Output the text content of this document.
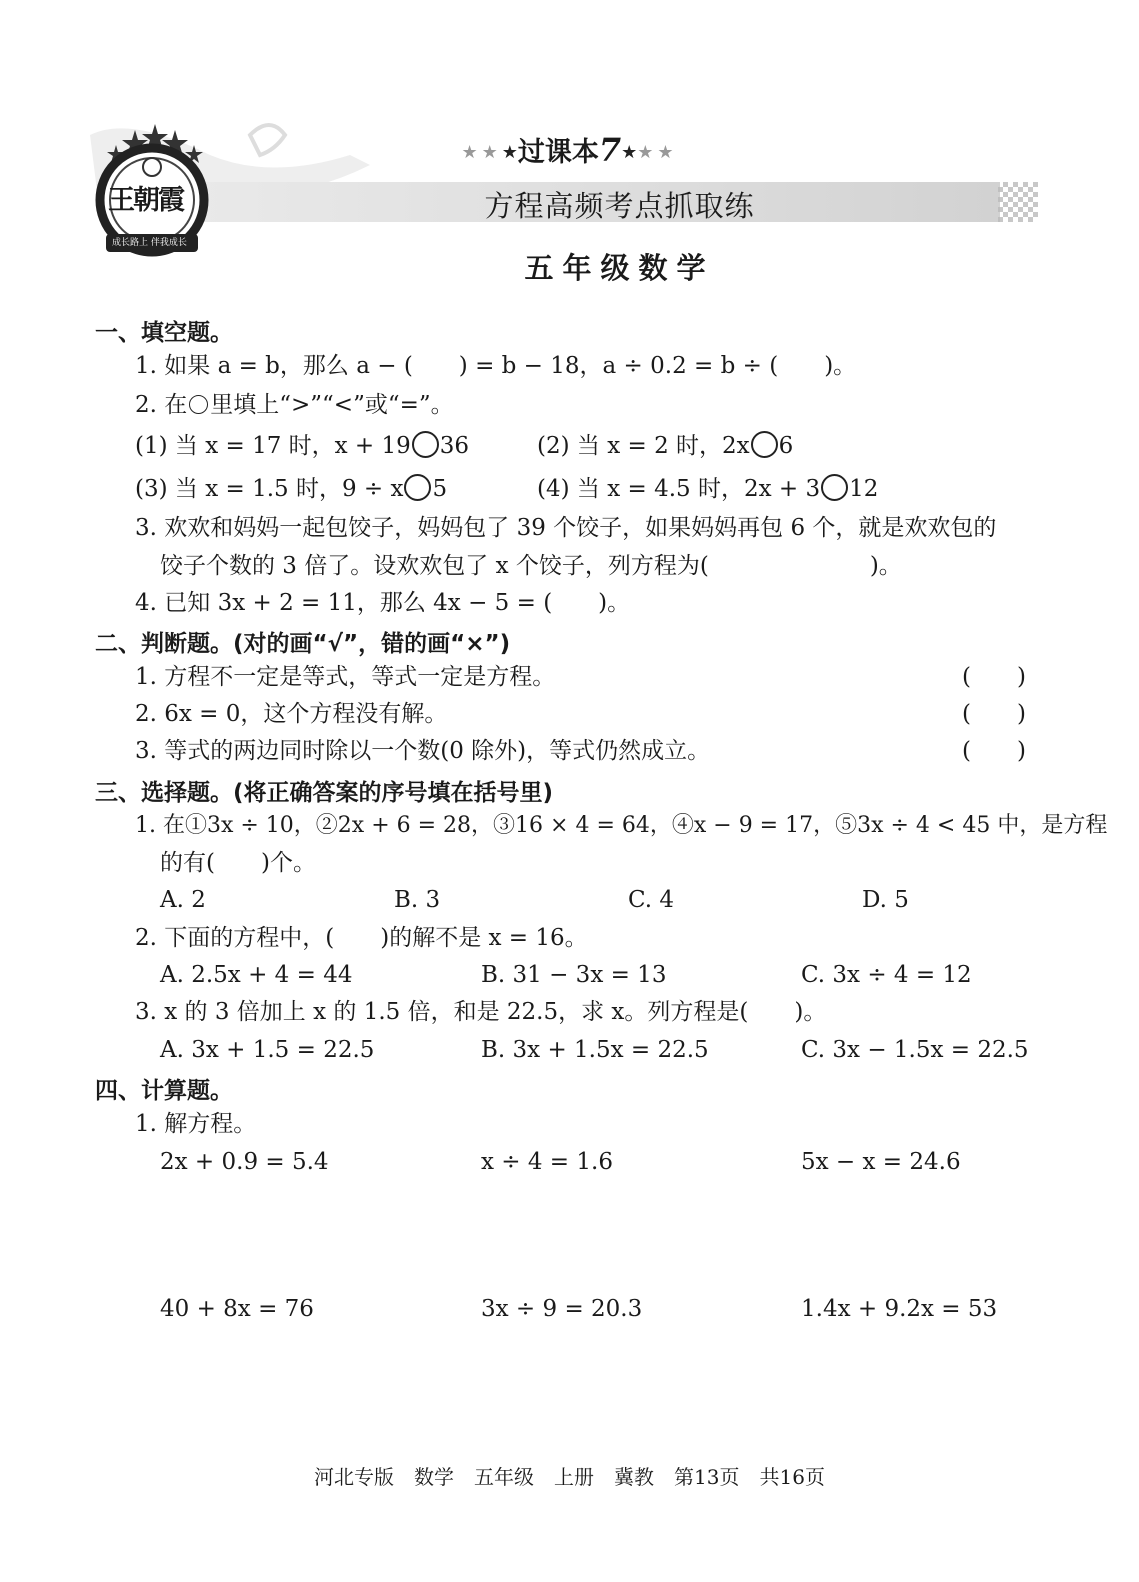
王朝霞
成长路上 伴我成长
★★★过课本7★★★
方程高频考点抓取练
五年级数学
一、填空题。
1. 如果 a = b，那么 a − (　　) = b − 18，a ÷ 0.2 = b ÷ (　　)。
2. 在 里填上“>”“<”或“=”。
(1) 当 x = 17 时，x + 19 36	(2) 当 x = 2 时，2x 6
(3) 当 x = 1.5 时，9 ÷ x 5	(4) 当 x = 4.5 时，2x + 3 12
3. 欢欢和妈妈一起包饺子，妈妈包了 39 个饺子，如果妈妈再包 6 个，就是欢欢包的
饺子个数的 3 倍了。设欢欢包了 x 个饺子，列方程为(　　　　　　　)。
4. 已知 3x + 2 = 11，那么 4x − 5 = (　　)。
二、判断题。(对的画“√”，错的画“×”)
1. 方程不一定是等式，等式一定是方程。	(　　)
2. 6x = 0，这个方程没有解。	(　　)
3. 等式的两边同时除以一个数(0 除外)，等式仍然成立。	(　　)
三、选择题。(将正确答案的序号填在括号里)
1. 在①3x ÷ 10，②2x + 6 = 28，③16 × 4 = 64，④x − 9 = 17，⑤3x ÷ 4 < 45 中，是方程
的有(　　)个。
A. 2	B. 3	C. 4	D. 5
2. 下面的方程中，(　　)的解不是 x = 16。
A. 2.5x + 4 = 44	B. 31 − 3x = 13	C. 3x ÷ 4 = 12
3. x 的 3 倍加上 x 的 1.5 倍，和是 22.5，求 x。列方程是(　　)。
A. 3x + 1.5 = 22.5	B. 3x + 1.5x = 22.5	C. 3x − 1.5x = 22.5
四、计算题。
1. 解方程。
2x + 0.9 = 5.4	x ÷ 4 = 1.6	5x − x = 24.6
40 + 8x = 76	3x ÷ 9 = 20.3	1.4x + 9.2x = 53
河北专版　数学　五年级　上册　冀教　第13页　共16页
